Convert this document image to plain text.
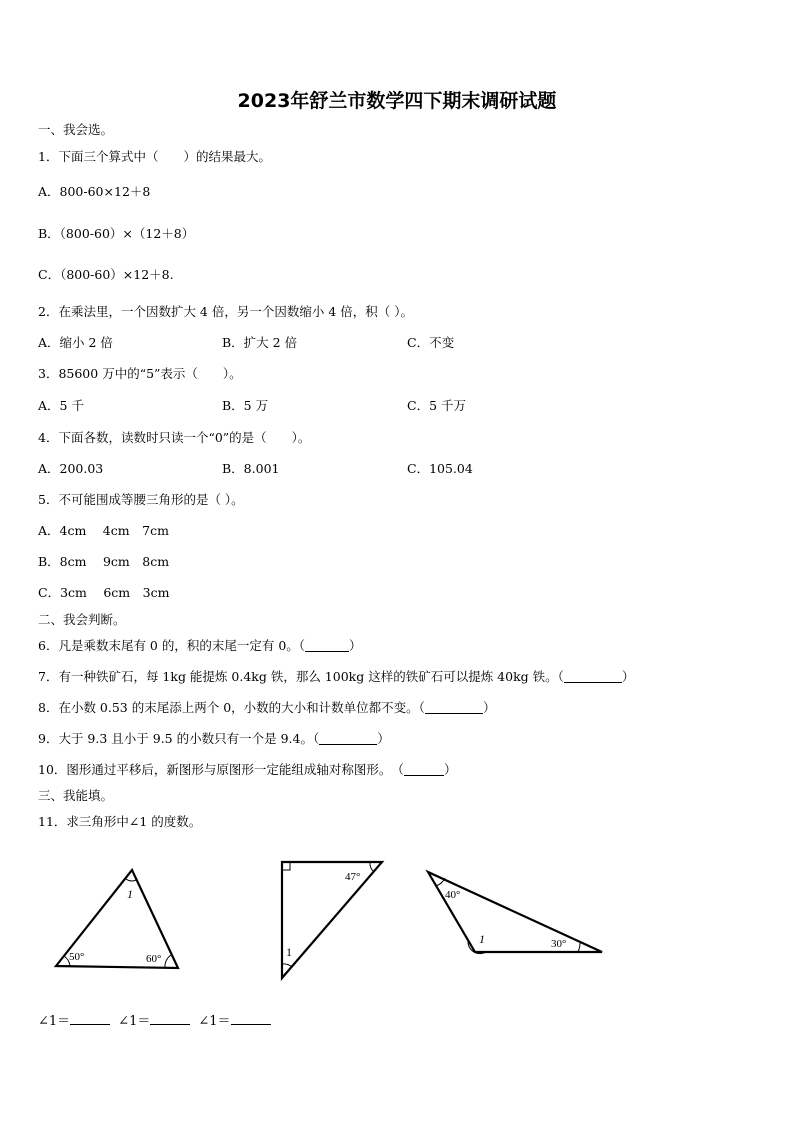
2023年舒兰市数学四下期末调研试题
一、我会选。
1．下面三个算式中（　　）的结果最大。
A．800-60×12＋8
B．（800-60）×（12＋8）
C．（800-60）×12＋8.
2．在乘法里，一个因数扩大 4 倍，另一个因数缩小 4 倍，积（ ）。
A．缩小 2 倍	B．扩大 2 倍	C．不变
3．85600 万中的“5”表示（　　）。
A．5 千	B．5 万	C．5 千万
4．下面各数，读数时只读一个“0”的是（　　）。
A．200.03	B．8.001	C．105.04
5．不可能围成等腰三角形的是（ ）。
A．4cm　 4cm　7cm
B．8cm　 9cm　8cm
C．3cm　 6cm　3cm
二、我会判断。
6．凡是乘数末尾有 0 的，积的末尾一定有 0。（	）
7．有一种铁矿石，每 1kg 能提炼 0.4kg 铁，那么 100kg 这样的铁矿石可以提炼 40kg 铁。（	）
8．在小数 0.53 的末尾添上两个 0，小数的大小和计数单位都不变。（	）
9．大于 9.3 且小于 9.5 的小数只有一个是 9.4。（	）
10．图形通过平移后，新图形与原图形一定能组成轴对称图形。　（	）
三、我能填。
11．求三角形中∠1 的度数。
1
50°	60°
47°
1
40°
1	30°
∠1＝	∠1＝	∠1＝
